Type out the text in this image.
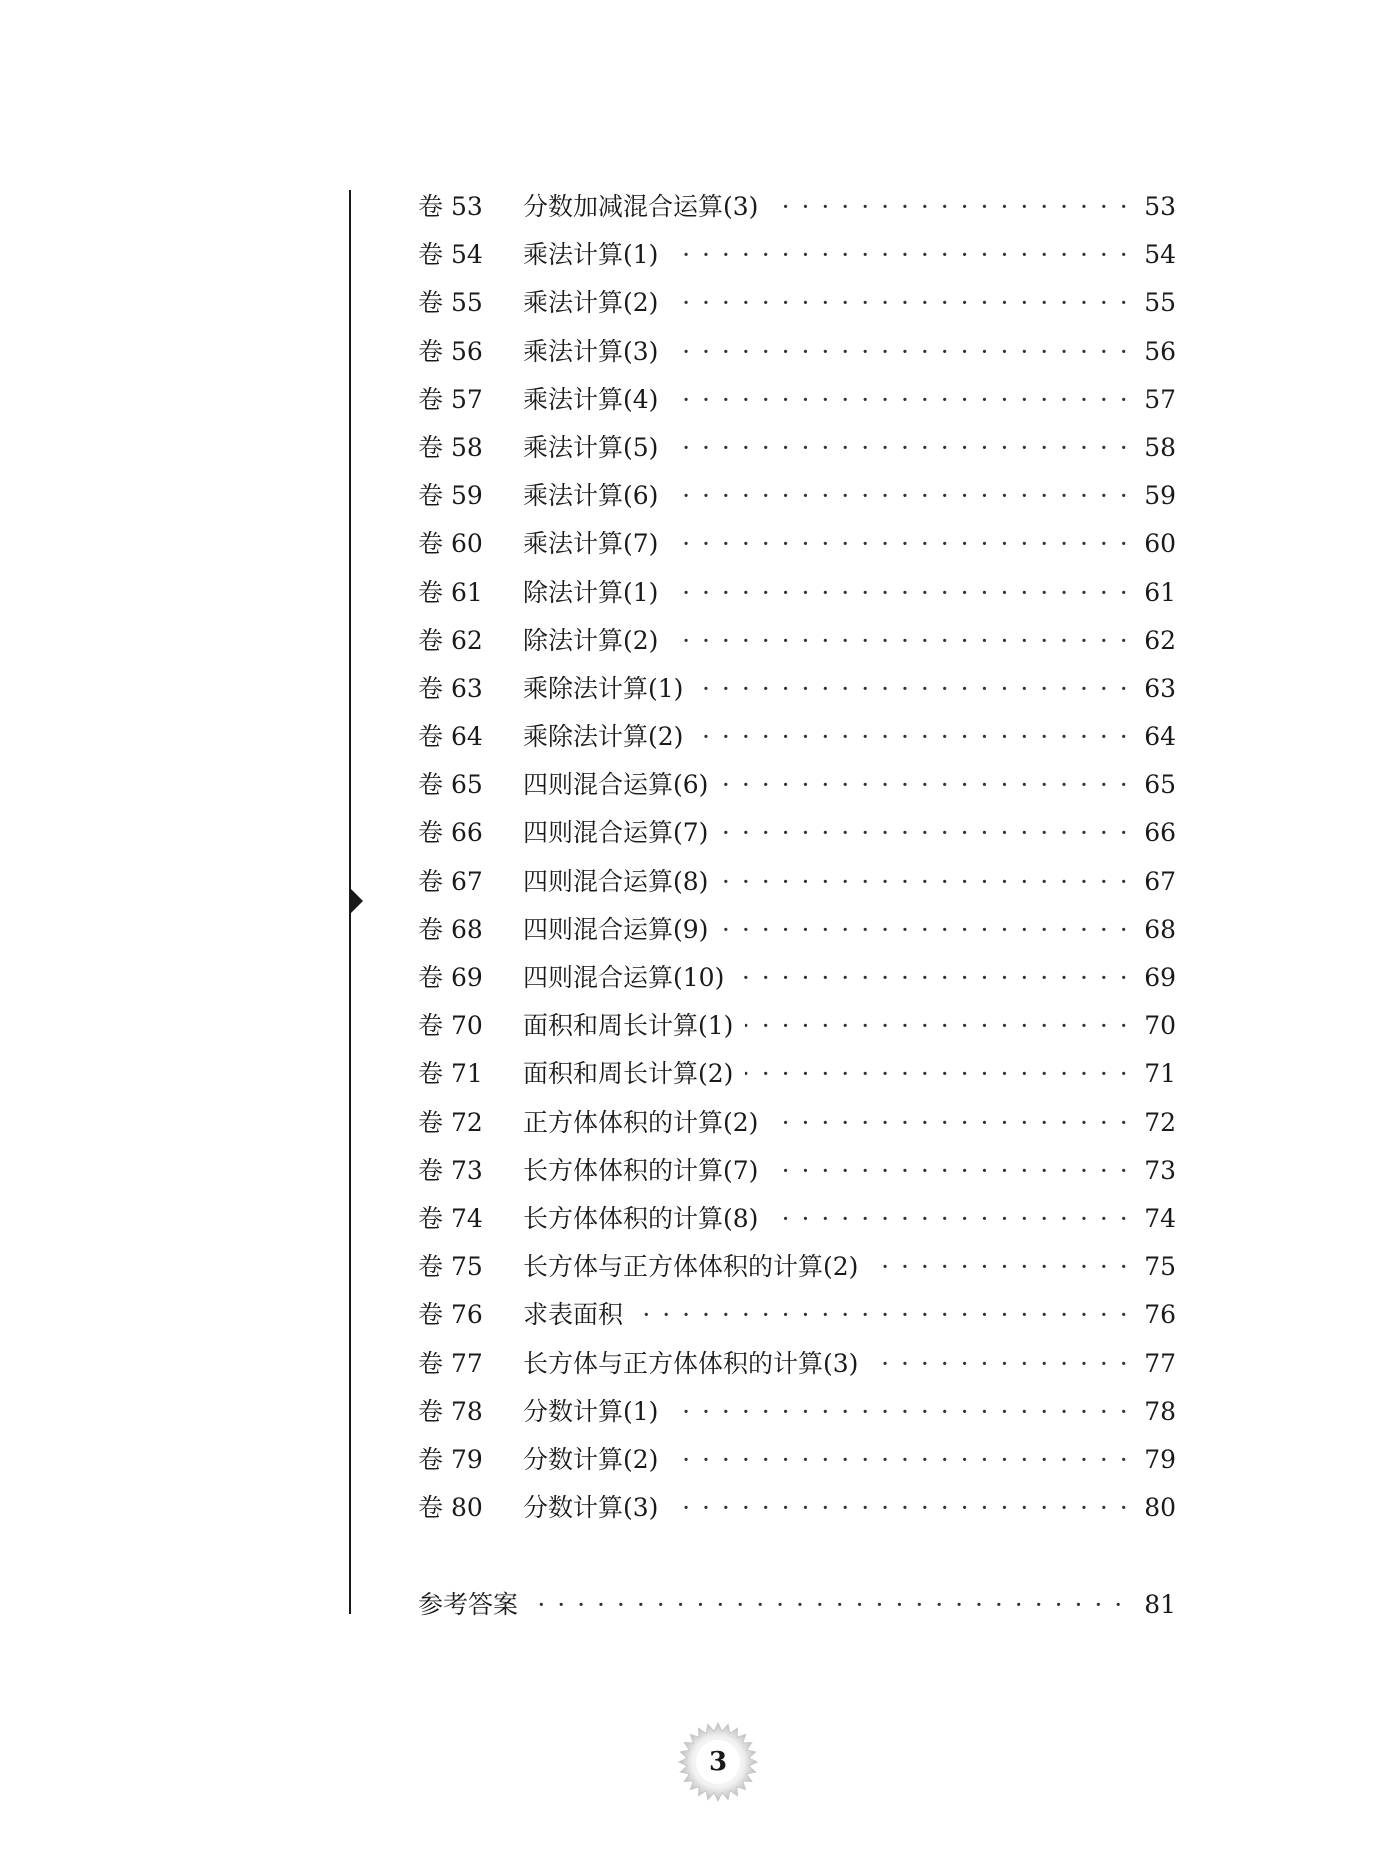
卷 53 · · · 分数加减混合运算(3)	53
卷 54 · · · 乘法计算(1)	54
卷 55 · · · 乘法计算(2)	55
卷 56 · · · 乘法计算(3)	56
卷 57 · · · 乘法计算(4)	57
卷 58 · · · 乘法计算(5)	58
卷 59 · · · 乘法计算(6)	59
卷 60 · · · 乘法计算(7)	60
卷 61 · · · 除法计算(1)	61
卷 62 · · · 除法计算(2)	62
卷 63 · · · 乘除法计算(1)	63
卷 64 · · · 乘除法计算(2)	64
卷 65 · · · 四则混合运算(6)	65
卷 66 · · · 四则混合运算(7)	66
卷 67 · · · 四则混合运算(8)	67
卷 68 · · · 四则混合运算(9)	68
卷 69 · · · 四则混合运算(10)	69
卷 70 · · · 面积和周长计算(1)	70
卷 71 · · · 面积和周长计算(2)	71
卷 72 · · · 正方体体积的计算(2)	72
卷 73 · · · 长方体体积的计算(7)	73
卷 74 · · · 长方体体积的计算(8)	74
卷 75 · · · 长方体与正方体体积的计算(2)	75
卷 76 · · · 求表面积	76
卷 77 · · · 长方体与正方体体积的计算(3)	77
卷 78 · · · 分数计算(1)	78
卷 79 · · · 分数计算(2)	79
卷 80 · · · 分数计算(3)	80
· · ·
参考答案	81
3
